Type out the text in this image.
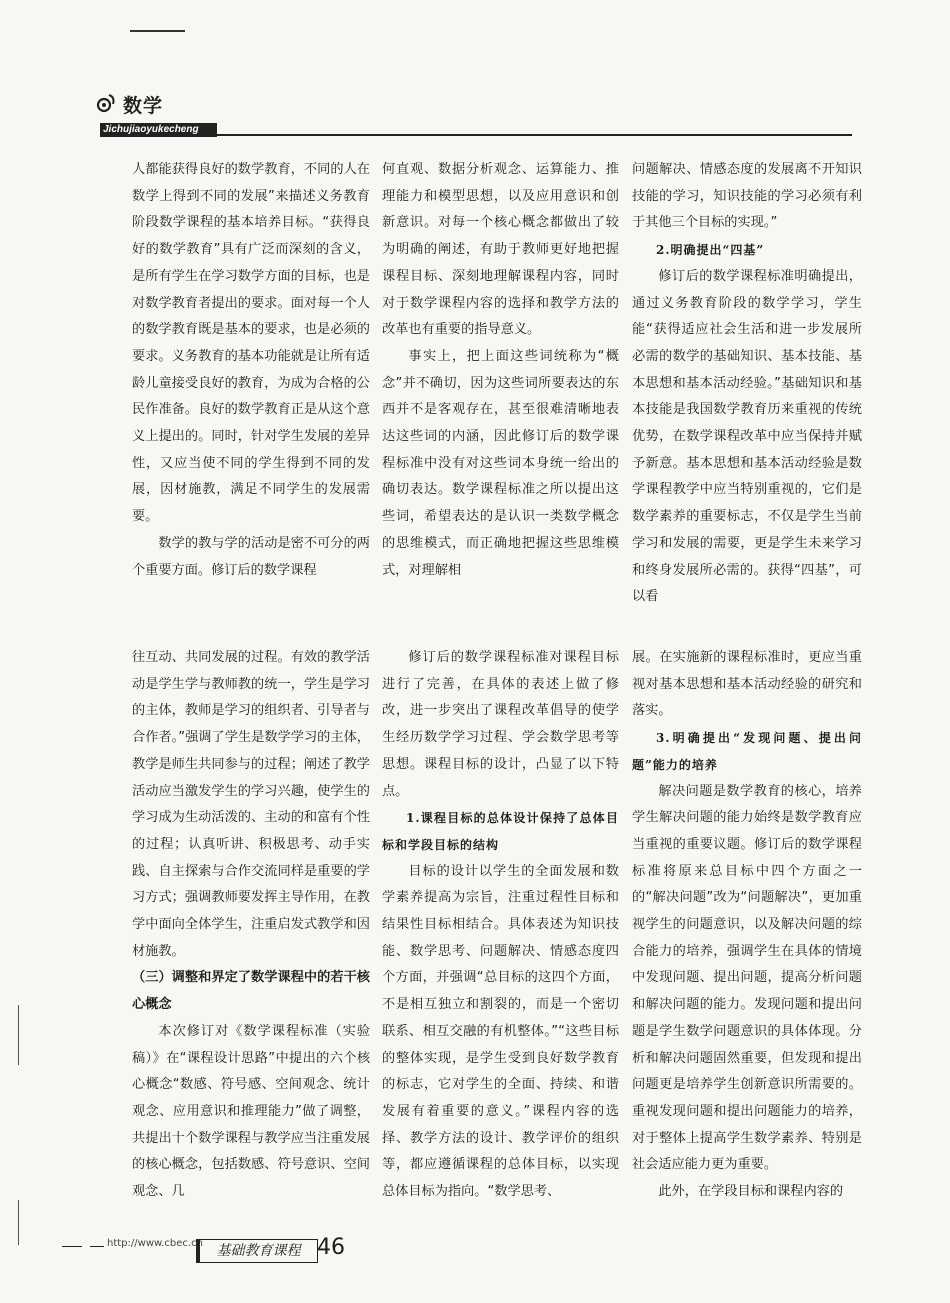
数学
Jichujiaoyukecheng

人都能获得良好的数学教育，不同的人在数学上得到不同的发展”来描述义务教育阶段数学课程的基本培养目标。“获得良好的数学教育”具有广泛而深刻的含义，是所有学生在学习数学方面的目标，也是对数学教育者提出的要求。面对每一个人的数学教育既是基本的要求，也是必须的要求。义务教育的基本功能就是让所有适龄儿童接受良好的教育，为成为合格的公民作准备。良好的数学教育正是从这个意义上提出的。同时，针对学生发展的差异性，又应当使不同的学生得到不同的发展，因材施教，满足不同学生的发展需要。

数学的教与学的活动是密不可分的两个重要方面。修订后的数学课程

何直观、数据分析观念、运算能力、推理能力和模型思想，以及应用意识和创新意识。对每一个核心概念都做出了较为明确的阐述，有助于教师更好地把握课程目标、深刻地理解课程内容，同时对于数学课程内容的选择和教学方法的改革也有重要的指导意义。

事实上，把上面这些词统称为“概念”并不确切，因为这些词所要表达的东西并不是客观存在，甚至很难清晰地表达这些词的内涵，因此修订后的数学课程标准中没有对这些词本身统一给出的确切表达。数学课程标准之所以提出这些词，希望表达的是认识一类数学概念的思维模式，而正确地把握这些思维模式，对理解相

问题解决、情感态度的发展离不开知识技能的学习，知识技能的学习必须有利于其他三个目标的实现。”

2.明确提出“四基”

修订后的数学课程标准明确提出，通过义务教育阶段的数学学习，学生能“获得适应社会生活和进一步发展所必需的数学的基础知识、基本技能、基本思想和基本活动经验。”基础知识和基本技能是我国数学教育历来重视的传统优势，在数学课程改革中应当保持并赋予新意。基本思想和基本活动经验是数学课程教学中应当特别重视的，它们是数学素养的重要标志，不仅是学生当前学习和发展的需要，更是学生未来学习和终身发展所必需的。获得“四基”，可以看

往互动、共同发展的过程。有效的教学活动是学生学与教师教的统一，学生是学习的主体，教师是学习的组织者、引导者与合作者。”强调了学生是数学学习的主体，教学是师生共同参与的过程；阐述了教学活动应当激发学生的学习兴趣，使学生的学习成为生动活泼的、主动的和富有个性的过程；认真听讲、积极思考、动手实践、自主探索与合作交流同样是重要的学习方式；强调教师要发挥主导作用，在教学中面向全体学生，注重启发式教学和因材施教。

（三）调整和界定了数学课程中的若干核心概念

本次修订对《数学课程标准（实验稿）》在“课程设计思路”中提出的六个核心概念“数感、符号感、空间观念、统计观念、应用意识和推理能力”做了调整，共提出十个数学课程与教学应当注重发展的核心概念，包括数感、符号意识、空间观念、几

修订后的数学课程标准对课程目标进行了完善，在具体的表述上做了修改，进一步突出了课程改革倡导的使学生经历数学学习过程、学会数学思考等思想。课程目标的设计，凸显了以下特点。

1.课程目标的总体设计保持了总体目标和学段目标的结构

目标的设计以学生的全面发展和数学素养提高为宗旨，注重过程性目标和结果性目标相结合。具体表述为知识技能、数学思考、问题解决、情感态度四个方面，并强调“总目标的这四个方面，不是相互独立和割裂的，而是一个密切联系、相互交融的有机整体。”“这些目标的整体实现，是学生受到良好数学教育的标志，它对学生的全面、持续、和谐发展有着重要的意义。”课程内容的选择、教学方法的设计、教学评价的组织等，都应遵循课程的总体目标，以实现总体目标为指向。“数学思考、

展。在实施新的课程标准时，更应当重视对基本思想和基本活动经验的研究和落实。

3.明确提出“发现问题、提出问题”能力的培养

解决问题是数学教育的核心，培养学生解决问题的能力始终是数学教育应当重视的重要议题。修订后的数学课程标准将原来总目标中四个方面之一的“解决问题”改为“问题解决”，更加重视学生的问题意识，以及解决问题的综合能力的培养，强调学生在具体的情境中发现问题、提出问题，提高分析问题和解决问题的能力。发现问题和提出问题是学生数学问题意识的具体体现。分析和解决问题固然重要，但发现和提出问题更是培养学生创新意识所需要的。重视发现问题和提出问题能力的培养，对于整体上提高学生数学素养、特别是社会适应能力更为重要。

此外，在学段目标和课程内容的

http://www.cbec.cn 基础教育课程 46
